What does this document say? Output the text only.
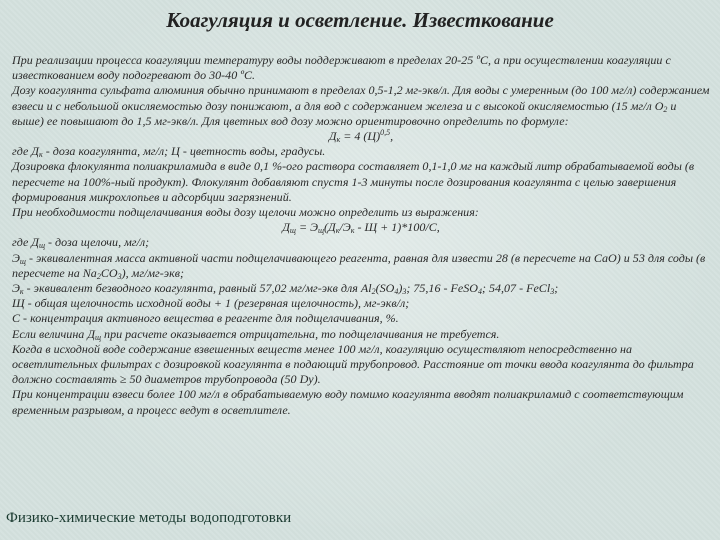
Коагуляция и осветление. Известкование

При реализации процесса коагуляции температуру воды поддерживают в пределах 20-25 ºС, а при осуществлении коагуляции с известкованием воду подогревают до 30-40 ºС.

Дозу коагулянта сульфата алюминия обычно принимают в пределах 0,5-1,2 мг-экв/л. Для воды с умеренным (до 100 мг/л) содержанием взвеси и с небольшой окисляемостью дозу понижают, а для вод с содержанием железа и с высокой окисляемостью (15 мг/л $О_2$ и выше) ее повышают до 1,5 мг-экв/л. Для цветных вод дозу можно ориентировочно определить по формуле:

$Д_к = 4$ $(Ц)^{0,5}$,

где $Д_к$ - доза коагулянта, мг/л; Ц - цветность воды, градусы.

Дозировка флокулянта полиакриламида в виде 0,1 %-ого раствора составляет 0,1-1,0 мг на каждый литр обрабатываемой воды (в пересчете на 100%-ный продукт). Флокулянт добавляют спустя 1-3 минуты после дозирования коагулянта с целью завершения формирования микрохлопьев и адсорбции загрязнений.

При необходимости подщелачивания воды дозу щелочи можно определить из выражения:

$Д_щ = Э_щ(Д_к/Э_к - Щ + 1)*100/С$,

где $Д_щ$ - доза щелочи, мг/л;

$Э_щ$ - эквивалентная масса активной части подщелачивающего реагента, равная для извести 28 (в пересчете на СаО) и 53 для соды (в пересчете на $Na_2CO_3$), мг/мг-экв;

$Э_к$ - эквивалент безводного коагулянта, равный 57,02 мг/мг-экв для $Al_2(SO_4)_3$; 75,16 - FeSO$_4$; 54,07 - FeCl$_3$;

Щ - общая щелочность исходной воды + 1 (резервная щелочность), мг-экв/л;

С - концентрация активного вещества в реагенте для подщелачивания, %.

Если величина $Д_щ$ при расчете оказывается отрицательна, то подщелачивания не требуется.

Когда в исходной воде содержание взвешенных веществ менее 100 мг/л, коагуляцию осуществляют непосредственно на осветлительных фильтрах с дозировкой коагулянта в подающий трубопровод. Расстояние от точки ввода коагулянта до фильтра должно составлять ≥ 50 диаметров трубопровода (50 Dу).

При концентрации взвеси более 100 мг/л в обрабатываемую воду помимо коагулянта вводят полиакриламид с соответствующим временным разрывом, а процесс ведут в осветлителе.

Физико-химические методы водоподготовки
